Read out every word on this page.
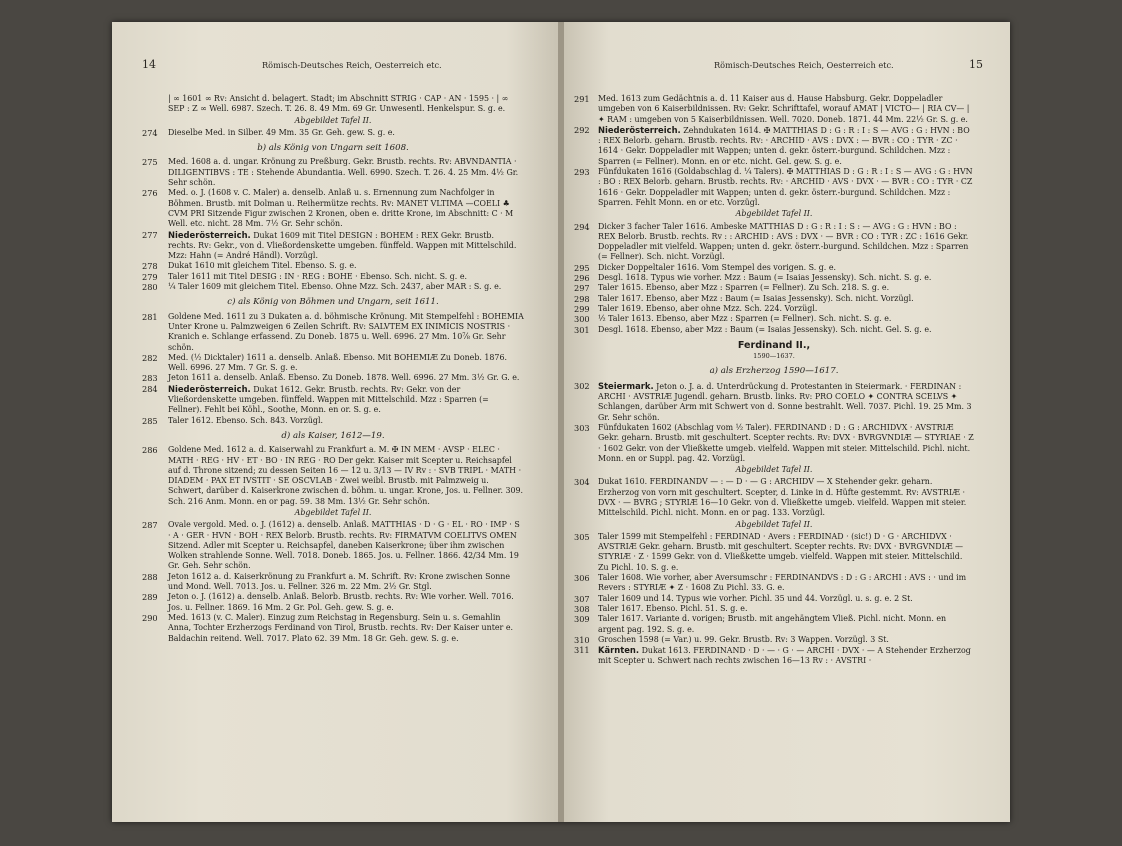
14	Römisch-Deutsches Reich, Oesterreich etc.
| ∞ 1601 ∞ Rv: Ansicht d. belagert. Stadt; im Abschnitt STRIG · CAP · AN · 1595 · | ∞ SEP : Z ∞ Well. 6987. Szech. T. 26. 8. 49 Mm. 69 Gr. Unwesentl. Henkelspur. S. g. e.
Abgebildet Tafel II.
274 Dieselbe Med. in Silber. 49 Mm. 35 Gr. Geh. gew. S. g. e.
b) als König von Ungarn seit 1608.
275 Med. 1608 a. d. ungar. Krönung zu Preßburg. Gekr. Brustb. rechts. Rv: ABVNDANTIA · DILIGENTIBVS : TE : Stehende Abundantia. Well. 6990. Szech. T. 26. 4. 25 Mm. 4½ Gr. Sehr schön.
276 Med. o. J. (1608 v. C. Maler) a. denselb. Anlaß u. s. Ernennung zum Nachfolger in Böhmen. Brustb. mit Dolman u. Reihermütze rechts. Rv: MANET VLTIMA —COELI ♣ CVM PRI Sitzende Figur zwischen 2 Kronen, oben e. dritte Krone, im Abschnitt: C · M Well. etc. nicht. 28 Mm. 7½ Gr. Sehr schön.
277 Niederösterreich. Dukat 1609 mit Titel DESIGN : BOHEM : REX Gekr. Brustb. rechts. Rv: Gekr., von d. Vließordenskette umgeben. fünffeld. Wappen mit Mittelschild. Mzz: Hahn (= André Händl). Vorzügl.
278 Dukat 1610 mit gleichem Titel. Ebenso. S. g. e.
279 Taler 1611 mit Titel DESIG : IN · REG : BOHE · Ebenso. Sch. nicht. S. g. e.
280 ¼ Taler 1609 mit gleichem Titel. Ebenso. Ohne Mzz. Sch. 2437, aber MAR : S. g. e.
c) als König von Böhmen und Ungarn, seit 1611.
281 Goldene Med. 1611 zu 3 Dukaten a. d. böhmische Krönung. Mit Stempelfehl : BOHEMIA Unter Krone u. Palmzweigen 6 Zeilen Schrift. Rv: SALVTEM EX INIMICIS NOSTRIS · Kranich e. Schlange erfassend. Zu Doneb. 1875 u. Well. 6996. 27 Mm. 10⅞ Gr. Sehr schön.
282 Med. (½ Dicktaler) 1611 a. denselb. Anlaß. Ebenso. Mit BOHEMIÆ Zu Doneb. 1876. Well. 6996. 27 Mm. 7 Gr. S. g. e.
283 Jeton 1611 a. denselb. Anlaß. Ebenso. Zu Doneb. 1878. Well. 6996. 27 Mm. 3½ Gr. G. e.
284 Niederösterreich. Dukat 1612. Gekr. Brustb. rechts. Rv: Gekr. von der Vließordenskette umgeben. fünffeld. Wappen mit Mittelschild. Mzz : Sparren (= Fellner). Fehlt bei Köhl., Soothe, Monn. en or. S. g. e.
285 Taler 1612. Ebenso. Sch. 843. Vorzügl.
d) als Kaiser, 1612—19.
286 Goldene Med. 1612 a. d. Kaiserwahl zu Frankfurt a. M. ✠ IN MEM · AVSP · ELEC · MATH · REG · HV · ET · BO · IN REG · RO Der gekr. Kaiser mit Scepter u. Reichsapfel auf d. Throne sitzend; zu dessen Seiten 16 — 12 u. 3/13 — IV Rv : · SVB TRIPL · MATH · DIADEM · PAX ET IVSTIT · SE OSCVLAB · Zwei weibl. Brustb. mit Palmzweig u. Schwert, darüber d. Kaiserkrone zwischen d. böhm. u. ungar. Krone, Jos. u. Fellner. 309. Sch. 216 Anm. Monn. en or pag. 59. 38 Mm. 13½ Gr. Sehr schön.
Abgebildet Tafel II.
287 Ovale vergold. Med. o. J. (1612) a. denselb. Anlaß. MATTHIAS · D · G · EL · RO · IMP · S · A · GER · HVN · BOH · REX Belorb. Brustb. rechts. Rv: FIRMATVM COELITVS OMEN Sitzend. Adler mit Scepter u. Reichsapfel, daneben Kaiserkrone; über ihm zwischen Wolken strahlende Sonne. Well. 7018. Doneb. 1865. Jos. u. Fellner. 1866. 42/34 Mm. 19 Gr. Geh. Sehr schön.
288 Jeton 1612 a. d. Kaiserkrönung zu Frankfurt a. M. Schrift. Rv: Krone zwischen Sonne und Mond. Well. 7013. Jos. u. Fellner. 326 m. 22 Mm. 2½ Gr. Stgl.
289 Jeton o. J. (1612) a. denselb. Anlaß. Belorb. Brustb. rechts. Rv: Wie vorher. Well. 7016. Jos. u. Fellner. 1869. 16 Mm. 2 Gr. Pol. Geh. gew. S. g. e.
290 Med. 1613 (v. C. Maler). Einzug zum Reichstag in Regensburg. Sein u. s. Gemahlin Anna, Tochter Erzherzogs Ferdinand von Tirol, Brustb. rechts. Rv: Der Kaiser unter e. Baldachin reitend. Well. 7017. Plato 62. 39 Mm. 18 Gr. Geh. gew. S. g. e.
Römisch-Deutsches Reich, Oesterreich etc.	15
291 Med. 1613 zum Gedächtnis a. d. 11 Kaiser aus d. Hause Habsburg. Gekr. Doppeladler umgeben von 6 Kaiserbildnissen. Rv: Gekr. Schrifttafel, worauf AMAT | VICTO— | RIA CV— | ✦ RAM : umgeben von 5 Kaiserbildnissen. Well. 7020. Doneb. 1871. 44 Mm. 22½ Gr. S. g. e.
292 Niederösterreich. Zehndukaten 1614. ✠ MATTHIAS D : G : R : I : S — AVG : G : HVN : BO : REX Belorb. geharn. Brustb. rechts. Rv: · ARCHID · AVS : DVX : — BVR : CO : TYR · ZC · 1614 · Gekr. Doppeladler mit Wappen; unten d. gekr. österr.-burgund. Schildchen. Mzz : Sparren (= Fellner). Monn. en or etc. nicht. Gel. gew. S. g. e.
293 Fünfdukaten 1616 (Goldabschlag d. ¼ Talers). ✠ MATTHIAS D : G : R : I : S — AVG : G : HVN : BO : REX Belorb. geharn. Brustb. rechts. Rv: · ARCHID · AVS · DVX · — BVR : CO : TYR · CZ 1616 · Gekr. Doppeladler mit Wappen; unten d. gekr. österr.-burgund. Schildchen. Mzz : Sparren. Fehlt Monn. en or etc. Vorzügl.
Abgebildet Tafel II.
294 Dicker 3 facher Taler 1616. Ambeske MATTHIAS D : G : R : I : S : — AVG : G : HVN : BO : REX Belorb. Brustb. rechts. Rv : : ARCHID : AVS : DVX · — BVR : CO : TYR : ZC : 1616 Gekr. Doppeladler mit vielfeld. Wappen; unten d. gekr. österr.-burgund. Schildchen. Mzz : Sparren (= Fellner). Sch. nicht. Vorzügl.
295 Dicker Doppeltaler 1616. Vom Stempel des vorigen. S. g. e.
296 Desgl. 1618. Typus wie vorher. Mzz : Baum (= Isaias Jessensky). Sch. nicht. S. g. e.
297 Taler 1615. Ebenso, aber Mzz : Sparren (= Fellner). Zu Sch. 218. S. g. e.
298 Taler 1617. Ebenso, aber Mzz : Baum (= Isaias Jessensky). Sch. nicht. Vorzügl.
299 Taler 1619. Ebenso, aber ohne Mzz. Sch. 224. Vorzügl.
300 ½ Taler 1613. Ebenso, aber Mzz : Sparren (= Fellner). Sch. nicht. S. g. e.
301 Desgl. 1618. Ebenso, aber Mzz : Baum (= Isaias Jessensky). Sch. nicht. Gel. S. g. e.
Ferdinand II.,
1590—1637.
a) als Erzherzog 1590—1617.
302 Steiermark. Jeton o. J. a. d. Unterdrückung d. Protestanten in Steiermark. · FERDINAN : ARCHI · AVSTRIÆ Jugendl. geharn. Brustb. links. Rv: PRO COELO ✦ CONTRA SCELVS ✦ Schlangen, darüber Arm mit Schwert von d. Sonne bestrahlt. Well. 7037. Pichl. 19. 25 Mm. 3 Gr. Sehr schön.
303 Fünfdukaten 1602 (Abschlag vom ½ Taler). FERDINAND : D : G : ARCHIDVX · AVSTRIÆ Gekr. geharn. Brustb. mit geschultert. Scepter rechts. Rv: DVX · BVRGVNDIÆ — STYRIAE · Z · 1602 Gekr. von der Vließkette umgeb. vielfeld. Wappen mit steier. Mittelschild. Pichl. nicht. Monn. en or Suppl. pag. 42. Vorzügl.
Abgebildet Tafel II.
304 Dukat 1610. FERDINANDV — : — D · — G : ARCHIDV — X Stehender gekr. geharn. Erzherzog von vorn mit geschultert. Scepter, d. Linke in d. Hüfte gestemmt. Rv: AVSTRIÆ · DVX · — BVRG ; STYRIÆ 16—10 Gekr. von d. Vließkette umgeb. vielfeld. Wappen mit steier. Mittelschild. Pichl. nicht. Monn. en or pag. 133. Vorzügl.
Abgebildet Tafel II.
305 Taler 1599 mit Stempelfehl : FERDINAD · Avers : FERDINAD · (sic!) D · G · ARCHIDVX · AVSTRIÆ Gekr. geharn. Brustb. mit geschultert. Scepter rechts. Rv: DVX · BVRGVNDIÆ — STYRIÆ · Z · 1599 Gekr. von d. Vließkette umgeb. vielfeld. Wappen mit steier. Mittelschild. Zu Pichl. 10. S. g. e.
306 Taler 1608. Wie vorher, aber Aversumschr : FERDINANDVS : D : G : ARCHI : AVS : · und im Revers : STYRIÆ ✦ Z · 1608 Zu Pichl. 33. G. e.
307 Taler 1609 und 14. Typus wie vorher. Pichl. 35 und 44. Vorzügl. u. s. g. e. 2 St.
308 Taler 1617. Ebenso. Pichl. 51. S. g. e.
309 Taler 1617. Variante d. vorigen; Brustb. mit angehängtem Vließ. Pichl. nicht. Monn. en argent pag. 192. S. g. e.
310 Groschen 1598 (= Var.) u. 99. Gekr. Brustb. Rv: 3 Wappen. Vorzügl. 3 St.
311 Kärnten. Dukat 1613. FERDINAND · D · — · G · — ARCHI · DVX · — A Stehender Erzherzog mit Scepter u. Schwert nach rechts zwischen 16—13 Rv : · AVSTRI ·
